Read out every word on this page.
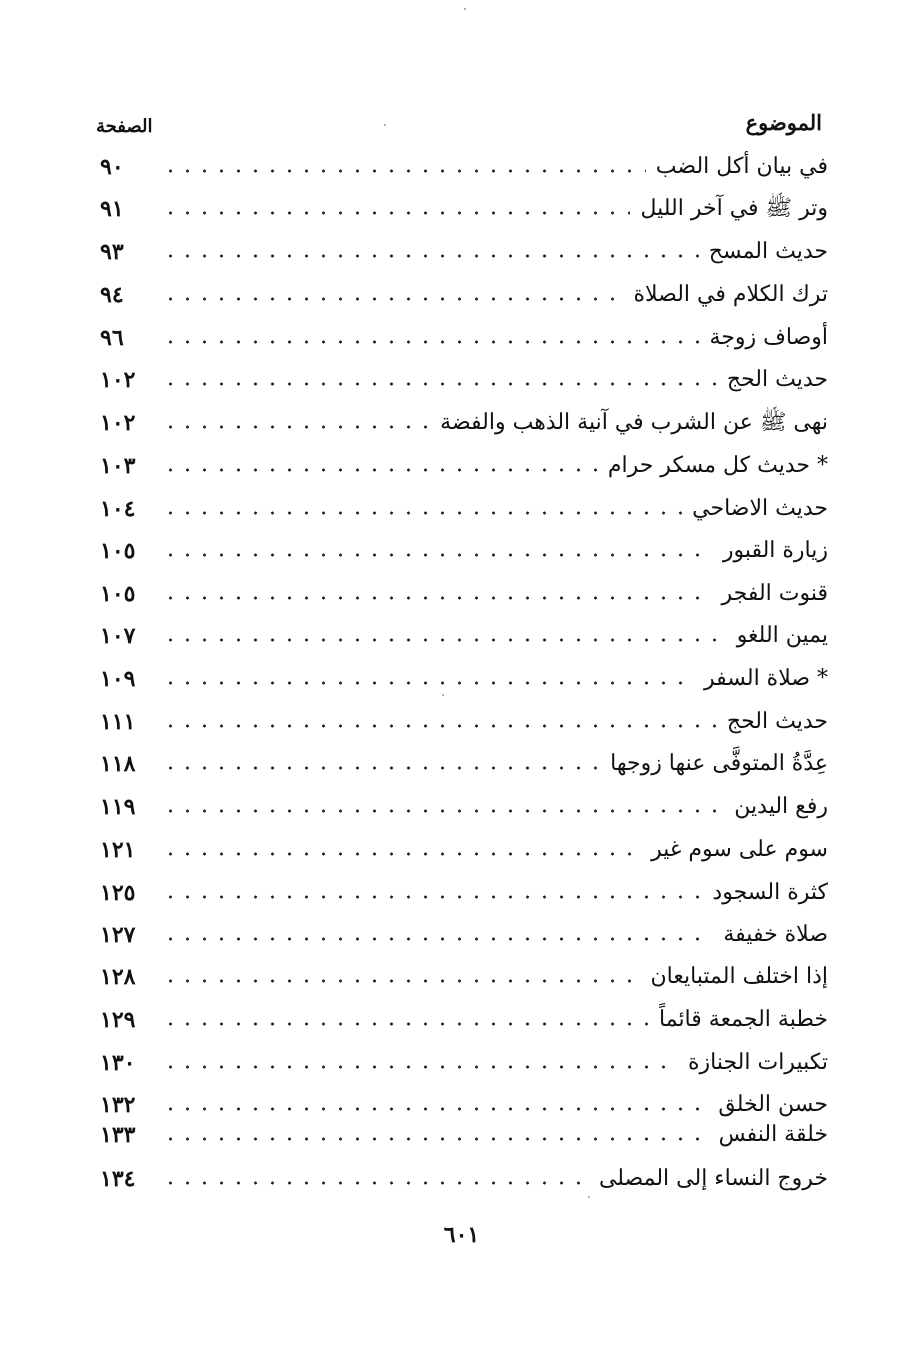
الموضوع
الصفحة
في بيان أكل الضب
٩٠
وتر ﷺ في آخر الليل
٩١
حديث المسح
٩٣
ترك الكلام في الصلاة
٩٤
أوصاف زوجة
٩٦
حديث الحج
١٠٢
نهى ﷺ عن الشرب في آنية الذهب والفضة
١٠٢
* حديث كل مسكر حرام
١٠٣
حديث الاضاحي
١٠٤
زيارة القبور
١٠٥
قنوت الفجر
١٠٥
يمين اللغو
١٠٧
* صلاة السفر
١٠٩
حديث الحج
١١١
عِدَّةُ المتوفَّى عنها زوجها
١١٨
رفع اليدين
١١٩
سوم على سوم غير
١٢١
كثرة السجود
١٢٥
صلاة خفيفة
١٢٧
إذا اختلف المتبايعان
١٢٨
خطبة الجمعة قائماً
١٢٩
تكبيرات الجنازة
١٣٠
حسن الخلق
١٣٢
خلقة النفس
١٣٣
خروج النساء إلى المصلى
١٣٤
٦٠١
